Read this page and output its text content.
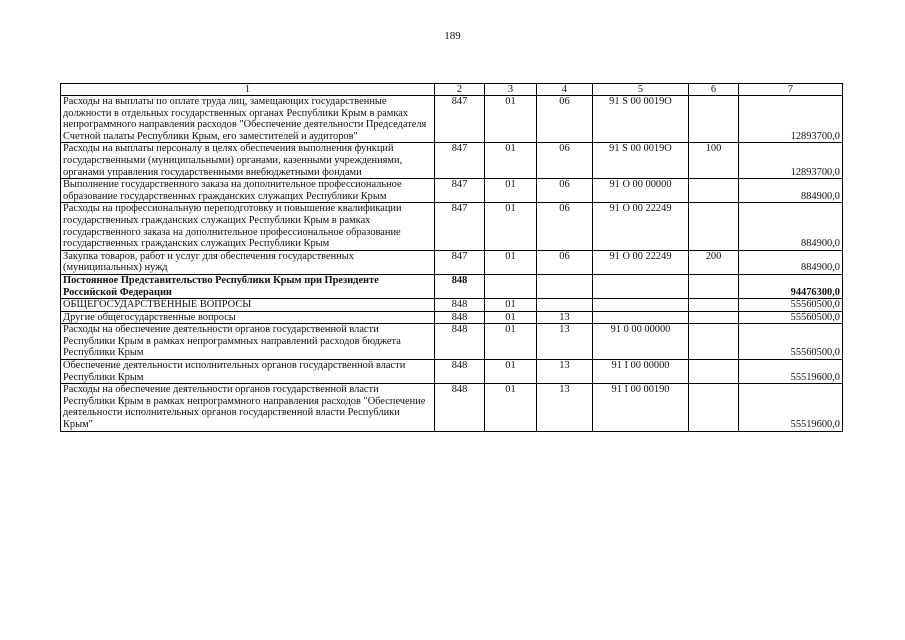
189
1	2	3	4	5	6	7
Расходы на выплаты по оплате труда лиц, замещающих государственные должности в отдельных государственных органах Республики Крым в рамках непрограммного направления расходов "Обеспечение деятельности Председателя Счетной палаты Республики Крым, его заместителей и аудиторов"	847	01	06	91 S 00 0019О		12893700,0
Расходы на выплаты персоналу в целях обеспечения выполнения функций государственными (муниципальными) органами, казенными учреждениями, органами управления государственными внебюджетными фондами	847	01	06	91 S 00 0019О	100	12893700,0
Выполнение государственного заказа на дополнительное профессиональное образование государственных гражданских служащих Республики Крым	847	01	06	91 О 00 00000		884900,0
Расходы на профессиональную переподготовку и повышение квалификации государственных гражданских служащих Республики Крым в рамках государственного заказа на дополнительное профессиональное образование государственных гражданских служащих Республики Крым	847	01	06	91 О 00 22249		884900,0
Закупка товаров, работ и услуг для обеспечения государственных (муниципальных) нужд	847	01	06	91 О 00 22249	200	884900,0
Постоянное Представительство Республики Крым при Президенте Российской Федерации	848					94476300,0
ОБЩЕГОСУДАРСТВЕННЫЕ ВОПРОСЫ	848	01				55560500,0
Другие общегосударственные вопросы	848	01	13			55560500,0
Расходы на обеспечение деятельности органов государственной власти Республики Крым в рамках непрограммных направлений расходов бюджета Республики Крым	848	01	13	91 0 00 00000		55560500,0
Обеспечение деятельности исполнительных органов государственной власти Республики Крым	848	01	13	91 I 00 00000		55519600,0
Расходы на обеспечение деятельности органов государственной власти Республики Крым в рамках непрограммного направления расходов "Обеспечение деятельности исполнительных органов государственной власти Республики Крым"	848	01	13	91 I 00 00190		55519600,0
